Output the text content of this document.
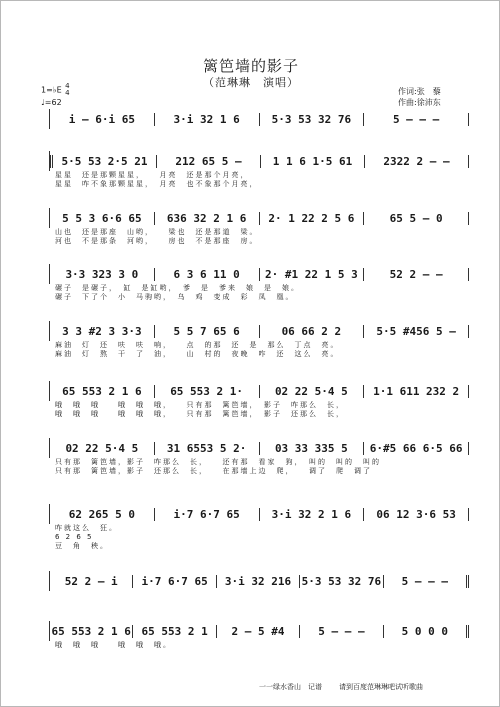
篱笆墙的影子
（范琳琳　演唱）
作词:张　藜
作曲:徐沛东
1=♭E 4
4
♩=62
i — 6·i 65	3·i 32 1 6	5·3 53 32 76	5 — — —
5·5 53 2·5 21	212 65 5 —	1 1 6 1·5 61	2322 2 — —
星星　还是那颗星星，　　月亮　还是那个月亮，
星星　咋不象那颗星星，　月亮　也不象那个月亮，
5 5 3 6·6 65	636 32 2 1 6	2· 1 22 2 5 6	65 5 — 0
山也　还是那座　山哟，　　梁也　还是那道　梁。
河也　不是那条　河哟，　　房也　不是那座　房。
3·3 323 3 0	6 3 6 11 0	2· #1 22 1 5 3	52 2 — —
碾子　是碾子，　缸　是缸哟，　爹　是　爹来　娘　是　娘。
碾子　下了个　小　马驹哟，　乌　鸡　变成　彩　凤　凰。
3 3 #2 3 3·3	5 5 7 65 6	06 66 2 2	5·5 #456 5 —
麻油　灯　还　呋　呋　响，　　点　的那　还　是　那么　丁点　亮。
麻油　灯　熬　干　了　油，　　山　村的　夜晚　咋　还　这么　亮。
65 553 2 1 6	65 553 2 1·	02 22 5·4 5	1·1 611 232 2
哦　哦　哦　　哦　哦　哦，　　只有那　篱笆墙，　影子　咋那么　长，
哦　哦　哦　　哦　哦　哦，　　只有那　篱笆墙，　影子　还那么　长，
02 22 5·4 5	31 6553 5 2·	03 33 335 5	6·#5 66 6·5 66
只有那　篱笆墙，影子　咋那么　长，　　还有那　看家　狗，　叫的　叫的　叫的
只有那　篱笆墙，影子　还那么　长，　　在那墙上边　爬，　　调了　爬　调了
62 265 5 0	i·7 6·7 65	3·i 32 2 1 6	06 12 3·6 53
咋就这么　狂。
6 2 6 5
豆　角　秧。
52 2 — i	i·7 6·7 65	3·i 32 216 5·3 53 32 76	5 — — —
65 553 2 1 6 65 553 2 1	2 — 5 #4	5 — — —	5 0 0 0
哦　哦　哦　　哦　哦　哦。
一一绿水香山　记谱 请到百度范琳琳吧试听歌曲
